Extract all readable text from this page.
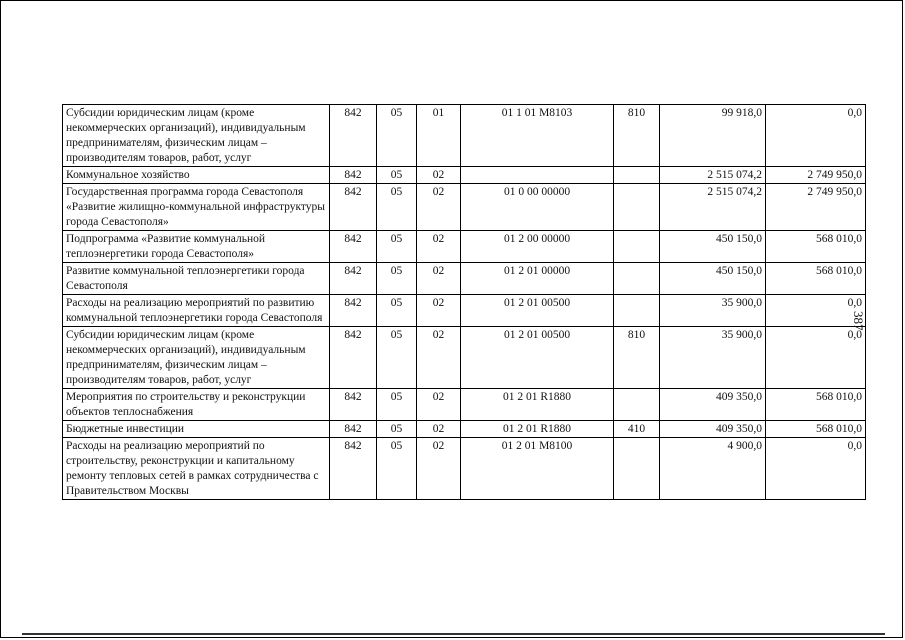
Субсидии юридическим лицам (кроме некоммерческих организаций), индивидуальным предпринимателям, физическим лицам – производителям товаров, работ, услуг	842	05	01	01 1 01 M8103	810	99 918,0	0,0
Коммунальное хозяйство	842	05	02			2 515 074,2	2 749 950,0
Государственная программа города Севастополя «Развитие жилищно-коммунальной инфраструктуры города Севастополя»	842	05	02	01 0 00 00000		2 515 074,2	2 749 950,0
Подпрограмма «Развитие коммунальной теплоэнергетики города Севастополя»	842	05	02	01 2 00 00000		450 150,0	568 010,0
Развитие коммунальной теплоэнергетики города Севастополя	842	05	02	01 2 01 00000		450 150,0	568 010,0
Расходы на реализацию мероприятий по развитию коммунальной теплоэнергетики города Севастополя	842	05	02	01 2 01 00500		35 900,0	0,0
Субсидии юридическим лицам (кроме некоммерческих организаций), индивидуальным предпринимателям, физическим лицам – производителям товаров, работ, услуг	842	05	02	01 2 01 00500	810	35 900,0	0,0
Мероприятия по строительству и реконструкции объектов теплоснабжения	842	05	02	01 2 01 R1880		409 350,0	568 010,0
Бюджетные инвестиции	842	05	02	01 2 01 R1880	410	409 350,0	568 010,0
Расходы на реализацию мероприятий по строительству, реконструкции и капитальному ремонту тепловых сетей в рамках сотрудничества с Правительством Москвы	842	05	02	01 2 01 M8100		4 900,0	0,0
387
